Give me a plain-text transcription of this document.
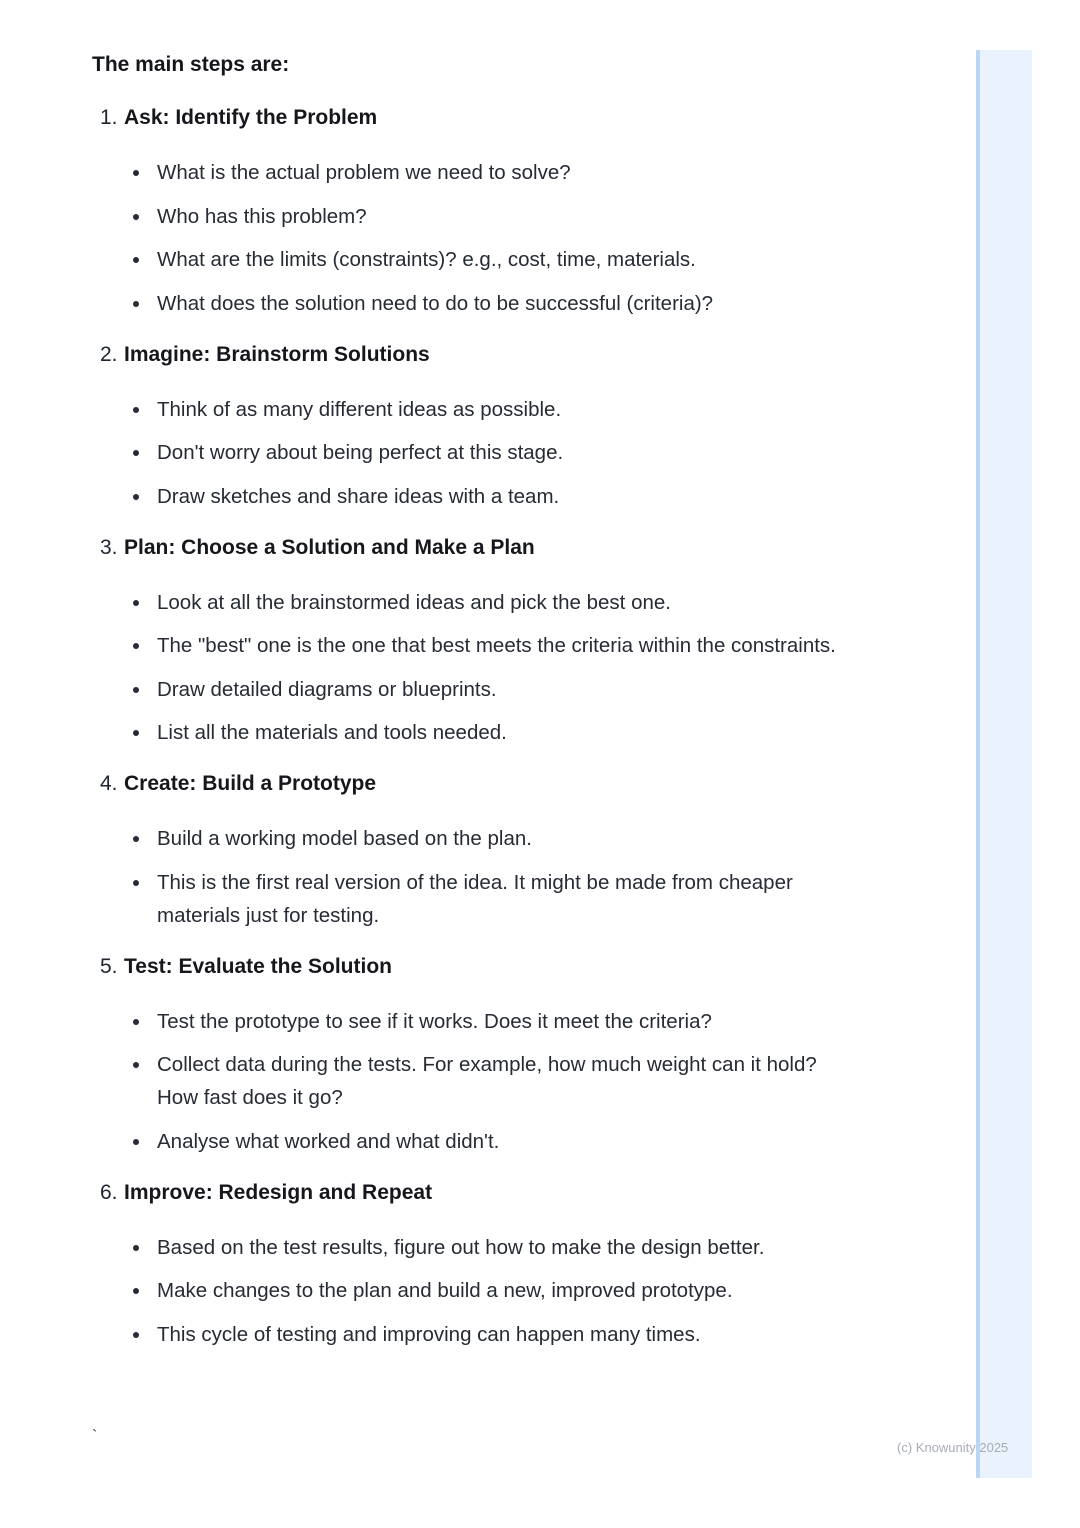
The main steps are:
1. Ask: Identify the Problem
What is the actual problem we need to solve?
Who has this problem?
What are the limits (constraints)? e.g., cost, time, materials.
What does the solution need to do to be successful (criteria)?
2. Imagine: Brainstorm Solutions
Think of as many different ideas as possible.
Don't worry about being perfect at this stage.
Draw sketches and share ideas with a team.
3. Plan: Choose a Solution and Make a Plan
Look at all the brainstormed ideas and pick the best one.
The "best" one is the one that best meets the criteria within the constraints.
Draw detailed diagrams or blueprints.
List all the materials and tools needed.
4. Create: Build a Prototype
Build a working model based on the plan.
This is the first real version of the idea. It might be made from cheaper materials just for testing.
5. Test: Evaluate the Solution
Test the prototype to see if it works. Does it meet the criteria?
Collect data during the tests. For example, how much weight can it hold? How fast does it go?
Analyse what worked and what didn't.
6. Improve: Redesign and Repeat
Based on the test results, figure out how to make the design better.
Make changes to the plan and build a new, improved prototype.
This cycle of testing and improving can happen many times.
`
(c) Knowunity 2025
